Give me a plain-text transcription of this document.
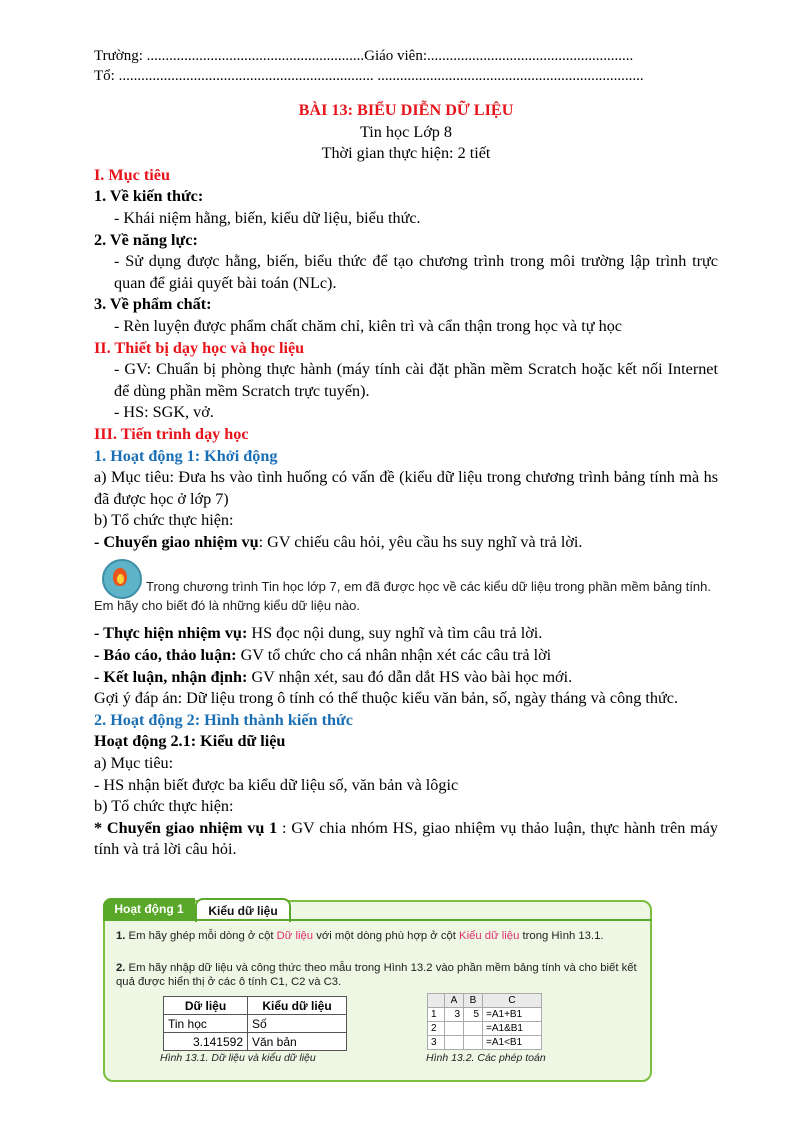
Trường: ..........................................................Giáo viên:.......................................................

Tổ: .................................................................... .......................................................................

BÀI 13: BIỂU DIỄN DỮ LIỆU

Tin học Lớp 8

Thời gian thực hiện: 2 tiết

I. Mục tiêu

1. Về kiến thức:

- Khái niệm hằng, biến, kiểu dữ liệu, biểu thức.

2. Về năng lực:

- Sử dụng được hằng, biến, biểu thức để tạo chương trình trong môi trường lập trình trực quan để giải quyết bài toán (NLc).

3. Về phẩm chất:

- Rèn luyện được phẩm chất chăm chỉ, kiên trì và cẩn thận trong học và tự học

II. Thiết bị dạy học và học liệu

- GV: Chuẩn bị phòng thực hành (máy tính cài đặt phần mềm Scratch hoặc kết nối Internet để dùng phần mềm Scratch trực tuyến).

- HS: SGK, vở.

III. Tiến trình dạy học

1. Hoạt động 1: Khởi động

a) Mục tiêu: Đưa hs vào tình huống có vấn đề (kiểu dữ liệu trong chương trình bảng tính mà hs đã được học ở lớp 7)

b) Tổ chức thực hiện:

- Chuyển giao nhiệm vụ: GV chiếu câu hỏi, yêu cầu hs suy nghĩ và trả lời.

Trong chương trình Tin học lớp 7, em đã được học về các kiểu dữ liệu trong phần mềm bảng tính. Em hãy cho biết đó là những kiểu dữ liệu nào.

- Thực hiện nhiệm vụ: HS đọc nội dung, suy nghĩ và tìm câu trả lời.

- Báo cáo, thảo luận: GV tổ chức cho cá nhân nhận xét các câu trả lời

- Kết luận, nhận định: GV nhận xét, sau đó dẫn dắt HS vào bài học mới.

Gợi ý đáp án: Dữ liệu trong ô tính có thể thuộc kiểu văn bản, số, ngày tháng và công thức.

2. Hoạt động 2: Hình thành kiến thức

Hoạt động 2.1: Kiểu dữ liệu

a) Mục tiêu:

- HS nhận biết được ba kiểu dữ liệu số, văn bản và lôgic

b) Tổ chức thực hiện:

* Chuyển giao nhiệm vụ 1 : GV chia nhóm HS, giao nhiệm vụ thảo luận, thực hành trên máy tính và trả lời câu hỏi.

Hoạt động 1	Kiểu dữ liệu
1. Em hãy ghép mỗi dòng ở cột Dữ liệu với một dòng phù hợp ở cột Kiểu dữ liệu trong Hình 13.1.
2. Em hãy nhập dữ liệu và công thức theo mẫu trong Hình 13.2 vào phần mềm bảng tính và cho biết kết quả được hiển thị ở các ô tính C1, C2 và C3.
Dữ liệu	Kiểu dữ liệu
Tin học	Số
3.141592	Văn bản
Hình 13.1. Dữ liệu và kiểu dữ liệu
	A	B	C
1	3	5	=A1+B1
2			=A1&B1
3			=A1<B1
Hình 13.2. Các phép toán
